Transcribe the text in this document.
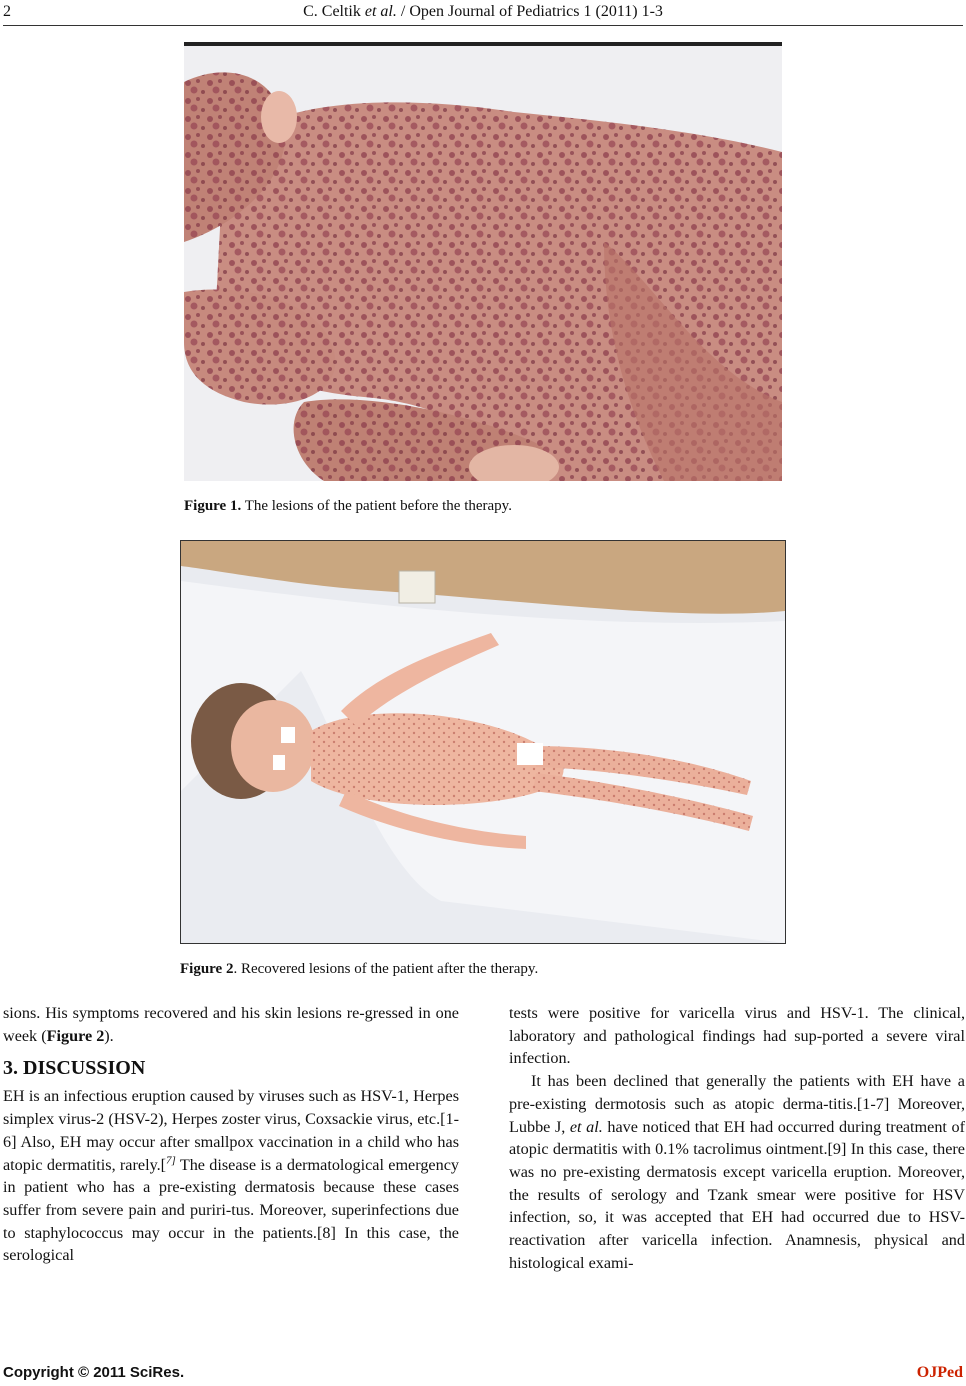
2	C. Celtik et al. / Open Journal of Pediatrics 1 (2011) 1-3
Figure 1. The lesions of the patient before the therapy.
Figure 2. Recovered lesions of the patient after the therapy.

sions. His symptoms recovered and his skin lesions re-gressed in one week (Figure 2).

3. DISCUSSION

EH is an infectious eruption caused by viruses such as HSV-1, Herpes simplex virus-2 (HSV-2), Herpes zoster virus, Coxsackie virus, etc.[1-6] Also, EH may occur after smallpox vaccination in a child who has atopic dermatitis, rarely.[$^{7]}$ The disease is a dermatological emergency in patient who has a pre-existing dermatosis because these cases suffer from severe pain and puriri-tus. Moreover, superinfections due to staphylococcus may occur in the patients.[8] In this case, the serological

tests were positive for varicella virus and HSV-1. The clinical, laboratory and pathological findings had sup-ported a severe viral infection.

It has been declined that generally the patients with EH have a pre-existing dermotosis such as atopic derma-titis.[1-7] Moreover, Lubbe J, et al. have noticed that EH had occurred during treatment of atopic dermatitis with 0.1% tacrolimus ointment.[9] In this case, there was no pre-existing dermatosis except varicella eruption. Moreover, the results of serology and Tzank smear were positive for HSV infection, so, it was accepted that EH had occurred due to HSV-reactivation after varicella infection. Anamnesis, physical and histological exami-

Copyright © 2011 SciRes.	OJPed
